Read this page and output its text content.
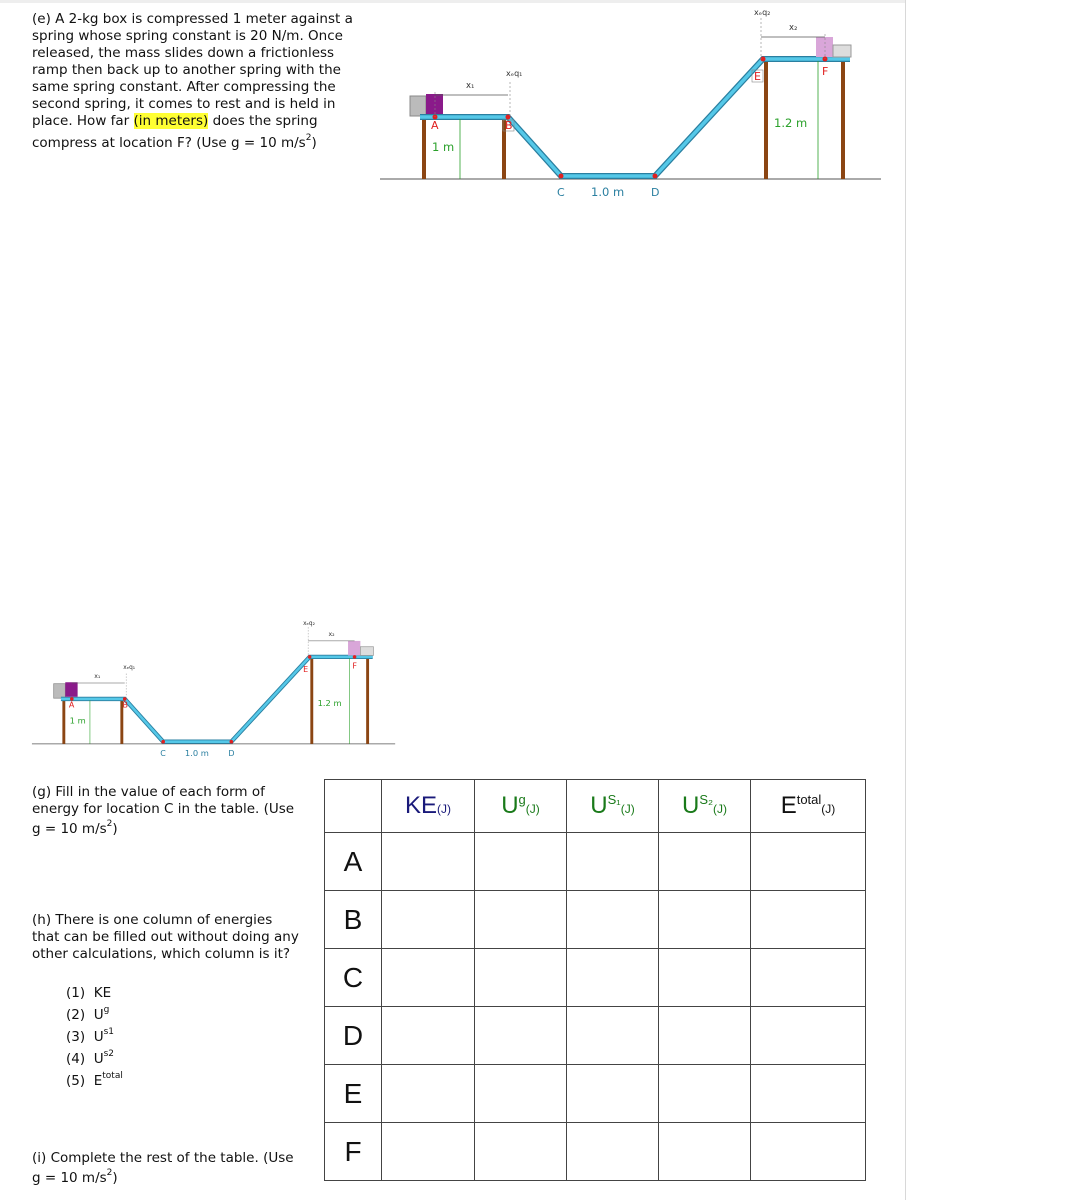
(e) A 2-kg box is compressed 1 meter against a
spring whose spring constant is 20 N/m. Once
released, the mass slides down a frictionless
ramp then back up to another spring with the
same spring constant. After compressing the
second spring, it comes to rest and is held in
place. How far (in meters) does the spring
compress at location F? (Use g = 10 $m/s^2$)
A	B
C	D
E	F
1.0 m
1 m
1.2 m
x₁
xₑq₁
xₑq₂
x₂
A	B
C	D
E	F
1.0 m
1 m
1.2 m
x₁
xₑq₁
xₑq₂
x₂
(g) Fill in the value of each form of
energy for location C in the table. (Use
g = 10 $m/s^2$)
(h) There is one column of energies
that can be filled out without doing any
other calculations, which column is it?
(1) KE
(2) $U^g$
(3) $U^{s1}$
(4) $U^{s2}$
(5) $E^{total}$
(i) Complete the rest of the table. (Use
g = 10 $m/s^2$)
	KE(J)	$U^g(J)$	$U^{S_1}(J)$	$U^{S_2}(J)$	$E^{total}(J)$
A					
B					
C					
D					
E					
F					
